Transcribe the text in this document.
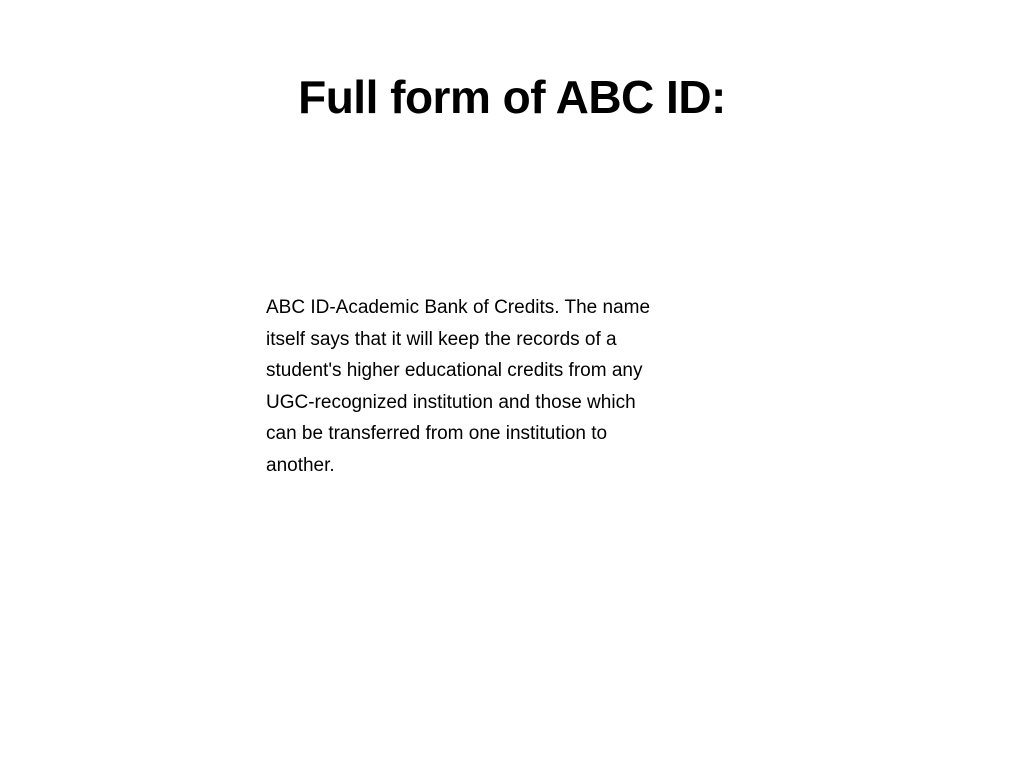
Full form of ABC ID:

ABC ID-Academic Bank of Credits. The name
itself says that it will keep the records of a
student's higher educational credits from any
UGC-recognized institution and those which
can be transferred from one institution to
another.
